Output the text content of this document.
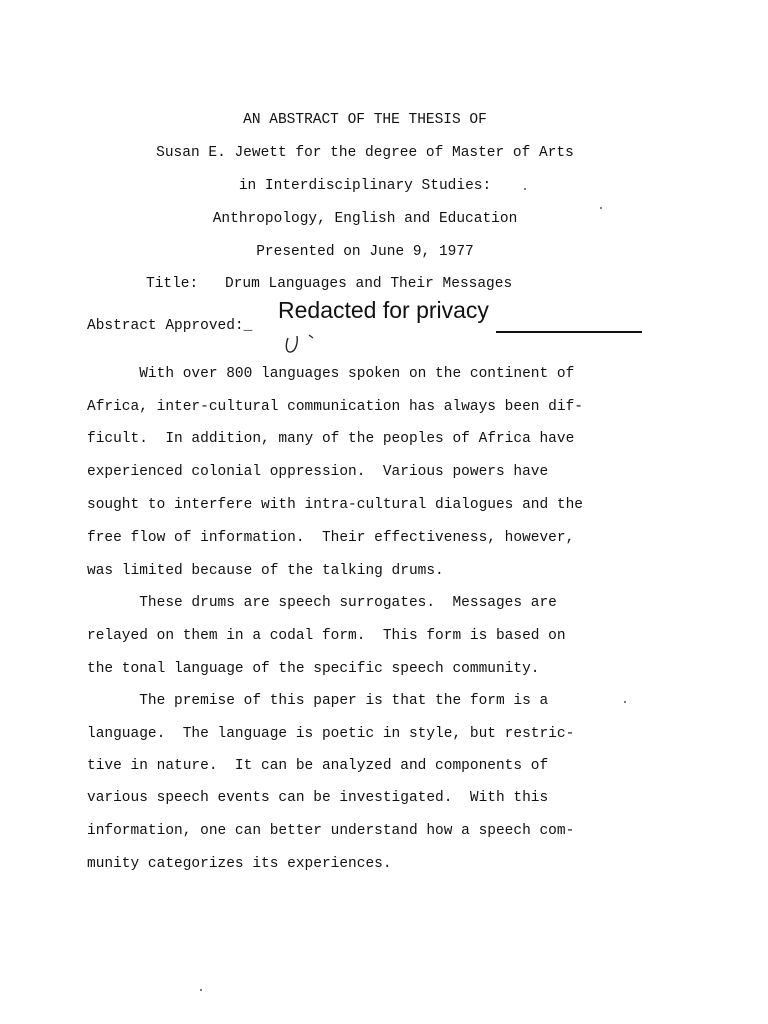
AN ABSTRACT OF THE THESIS OF
Susan E. Jewett for the degree of Master of Arts
in Interdisciplinary Studies:
Anthropology, English and Education
Presented on June 9, 1977
Title: Drum Languages and Their Messages
Abstract Approved:_
Redacted for privacy
With over 800 languages spoken on the continent of
Africa, inter-cultural communication has always been dif-
ficult.  In addition, many of the peoples of Africa have
experienced colonial oppression.  Various powers have
sought to interfere with intra-cultural dialogues and the
free flow of information.  Their effectiveness, however,
was limited because of the talking drums.
These drums are speech surrogates.  Messages are
relayed on them in a codal form.  This form is based on
the tonal language of the specific speech community.
The premise of this paper is that the form is a
language.  The language is poetic in style, but restric-
tive in nature.  It can be analyzed and components of
various speech events can be investigated.  With this
information, one can better understand how a speech com-
munity categorizes its experiences.
